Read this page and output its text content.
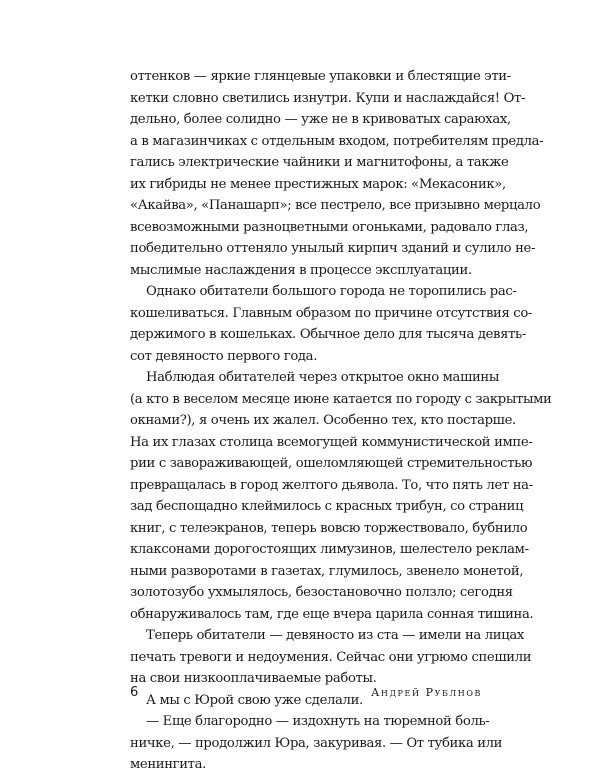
оттенков — яркие глянцевые упаковки и блестящие эти-
кетки словно светились изнутри. Купи и наслаждайся! От-
дельно, более солидно — уже не в кривоватых сараюхах,
а в магазинчиках с отдельным входом, потребителям предла-
гались электрические чайники и магнитофоны, а также
их гибриды не менее престижных марок: «Мекасоник»,
«Акайва», «Панашарп»; все пестрело, все призывно мерцало
всевозможными разноцветными огоньками, радовало глаз,
победительно оттеняло унылый кирпич зданий и сулило не-
мыслимые наслаждения в процессе эксплуатации.
Однако обитатели большого города не торопились рас-
кошеливаться. Главным образом по причине отсутствия со-
держимого в кошельках. Обычное дело для тысяча девять-
сот девяносто первого года.
Наблюдая обитателей через открытое окно машины
(а кто в веселом месяце июне катается по городу с закрытыми
окнами?), я очень их жалел. Особенно тех, кто постарше.
На их глазах столица всемогущей коммунистической импе-
рии с завораживающей, ошеломляющей стремительностью
превращалась в город желтого дьявола. То, что пять лет на-
зад беспощадно клеймилось с красных трибун, со страниц
книг, с телеэкранов, теперь вовсю торжествовало, бубнило
клаксонами дорогостоящих лимузинов, шелестело реклам-
ными разворотами в газетах, глумилось, звенело монетой,
золотозубо ухмылялось, безостановочно ползло; сегодня
обнаруживалось там, где еще вчера царила сонная тишина.
Теперь обитатели — девяносто из ста — имели на лицах
печать тревоги и недоумения. Сейчас они угрюмо спешили
на свои низкооплачиваемые работы.
А мы с Юрой свою уже сделали.
— Еще благородно — издохнуть на тюремной боль-
ничке, — продолжил Юра, закуривая. — От тубика или
менингита.
6	Андрей Рублнов
